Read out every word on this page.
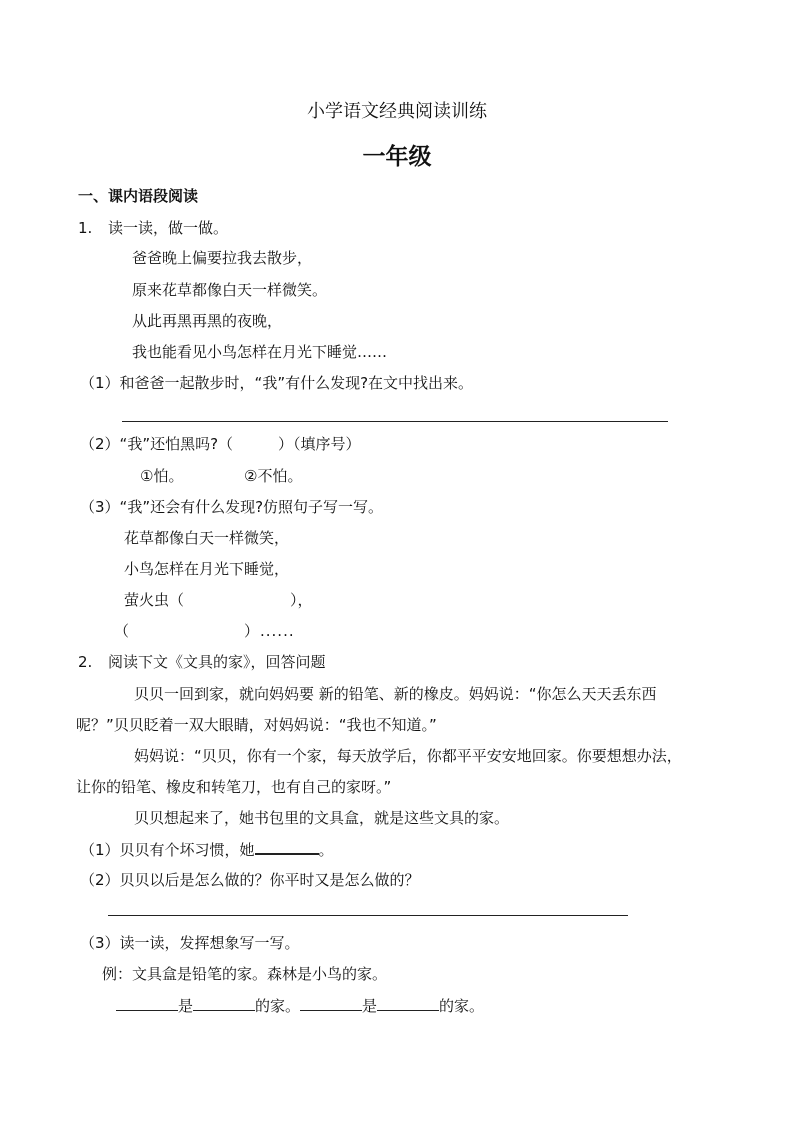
小学语文经典阅读训练
一年级
一、课内语段阅读
1. 读一读，做一做。
爸爸晚上偏要拉我去散步，
原来花草都像白天一样微笑。
从此再黑再黑的夜晚，
我也能看见小鸟怎样在月光下睡觉……
（1）和爸爸一起散步时，“我”有什么发现?在文中找出来。
（2）“我”还怕黑吗?（　　　）（填序号）
①怕。	②不怕。
（3）“我”还会有什么发现?仿照句子写一写。
花草都像白天一样微笑，
小鸟怎样在月光下睡觉，
萤火虫（	），
（	）......
2. 阅读下文《文具的家》，回答问题
贝贝一回到家，就向妈妈要 新的铅笔、新的橡皮。妈妈说：“你怎么天天丢东西
呢？”贝贝眨着一双大眼睛，对妈妈说：“我也不知道。”
妈妈说：“贝贝，你有一个家，每天放学后，你都平平安安地回家。你要想想办法，
让你的铅笔、橡皮和转笔刀，也有自己的家呀。”
贝贝想起来了，她书包里的文具盒，就是这些文具的家。
（1）贝贝有个坏习惯，她	。
（2）贝贝以后是怎么做的？你平时又是怎么做的？
（3）读一读，发挥想象写一写。
例：文具盒是铅笔的家。森林是小鸟的家。
是	的家。	是	的家。
